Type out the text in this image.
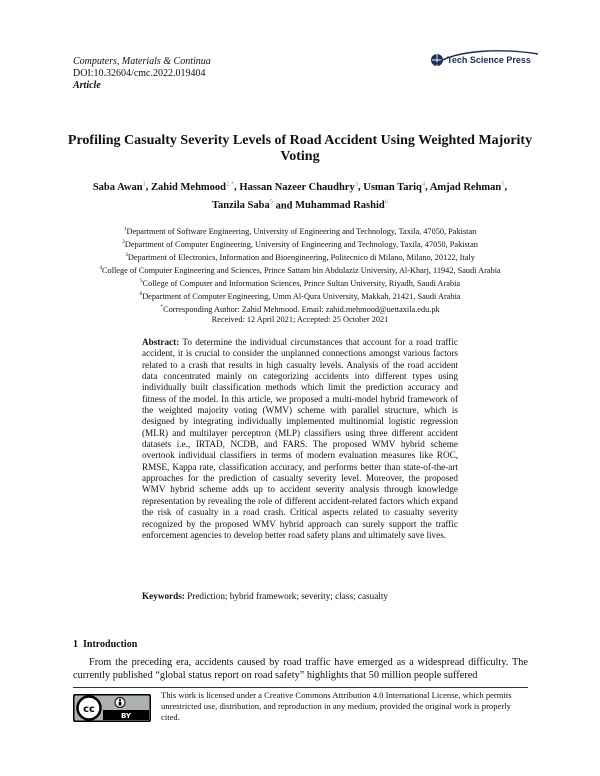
Computers, Materials & Continua
DOI:10.32604/cmc.2022.019404
Article
Tech Science Press
Profiling Casualty Severity Levels of Road Accident Using Weighted Majority Voting
Saba Awan$^1$, Zahid Mehmood$^{2,*}$, Hassan Nazeer Chaudhry$^3$, Usman Tariq$^4$, Amjad Rehman$^5$,
Tanzila Saba$^5$ and Muhammad Rashid$^6$
$^1$Department of Software Engineering, University of Engineering and Technology, Taxila, 47050, Pakistan
$^2$Department of Computer Engineering, University of Engineering and Technology, Taxila, 47050, Pakistan
$^3$Department of Electronics, Information and Bioengineering, Politecnico di Milano, Milano, 20122, Italy
$^4$College of Computer Engineering and Sciences, Prince Sattam bin Abdulaziz University, Al-Kharj, 11942, Saudi Arabia
$^5$College of Computer and Information Sciences, Prince Sultan University, Riyadh, Saudi Arabia
$^6$Department of Computer Engineering, Umm Al-Qura University, Makkah, 21421, Saudi Arabia
*Corresponding Author: Zahid Mehmood. Email: zahid.mehmood@uettaxila.edu.pk
Received: 12 April 2021; Accepted: 25 October 2021
Abstract: To determine the individual circumstances that account for a road traffic accident, it is crucial to consider the unplanned connections amongst various factors related to a crash that results in high casualty levels. Analysis of the road accident data concentrated mainly on categorizing accidents into different types using individually built classification methods which limit the prediction accuracy and fitness of the model. In this article, we proposed a multi-model hybrid framework of the weighted majority voting (WMV) scheme with parallel structure, which is designed by integrating individually implemented multinomial logistic regression (MLR) and multilayer perceptron (MLP) classifiers using three different accident datasets i.e., IRTAD, NCDB, and FARS. The proposed WMV hybrid scheme overtook individual classifiers in terms of modern evaluation measures like ROC, RMSE, Kappa rate, classification accuracy, and performs better than state-of-the-art approaches for the prediction of casualty severity level. Moreover, the proposed WMV hybrid scheme adds up to accident severity analysis through knowledge representation by revealing the role of different accident-related factors which expand the risk of casualty in a road crash. Critical aspects related to casualty severity recognized by the proposed WMV hybrid approach can surely support the traffic enforcement agencies to develop better road safety plans and ultimately save lives.
Keywords: Prediction; hybrid framework; severity; class; casualty
1 Introduction
From the preceding era, accidents caused by road traffic have emerged as a widespread difficulty. The currently published “global status report on road safety” highlights that 50 million people suffered
cc
BY
This work is licensed under a Creative Commons Attribution 4.0 International License, which permits unrestricted use, distribution, and reproduction in any medium, provided the original work is properly cited.
